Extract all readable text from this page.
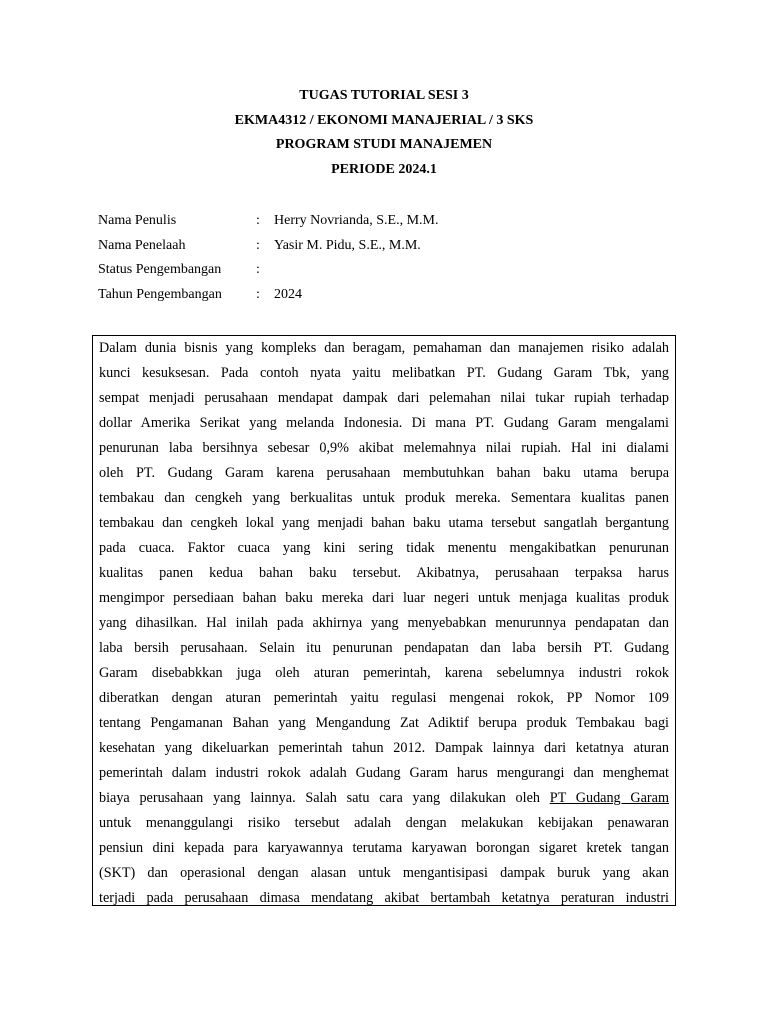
TUGAS TUTORIAL SESI 3
EKMA4312 / EKONOMI MANAJERIAL / 3 SKS
PROGRAM STUDI MANAJEMEN
PERIODE 2024.1
Nama Penulis	:	Herry Novrianda, S.E., M.M.
Nama Penelaah	:	Yasir M. Pidu, S.E., M.M.
Status Pengembangan	:
Tahun Pengembangan	:	2024
Dalam dunia bisnis yang kompleks dan beragam, pemahaman dan manajemen risiko adalah
kunci kesuksesan. Pada contoh nyata yaitu melibatkan PT. Gudang Garam Tbk, yang
sempat menjadi perusahaan mendapat dampak dari pelemahan nilai tukar rupiah terhadap
dollar Amerika Serikat yang melanda Indonesia. Di mana PT. Gudang Garam mengalami
penurunan laba bersihnya sebesar 0,9% akibat melemahnya nilai rupiah. Hal ini dialami
oleh PT. Gudang Garam karena perusahaan membutuhkan bahan baku utama berupa
tembakau dan cengkeh yang berkualitas untuk produk mereka. Sementara kualitas panen
tembakau dan cengkeh lokal yang menjadi bahan baku utama tersebut sangatlah bergantung
pada cuaca. Faktor cuaca yang kini sering tidak menentu mengakibatkan penurunan
kualitas panen kedua bahan baku tersebut. Akibatnya, perusahaan terpaksa harus
mengimpor persediaan bahan baku mereka dari luar negeri untuk menjaga kualitas produk
yang dihasilkan. Hal inilah pada akhirnya yang menyebabkan menurunnya pendapatan dan
laba bersih perusahaan. Selain itu penurunan pendapatan dan laba bersih PT. Gudang
Garam disebabkkan juga oleh aturan pemerintah, karena sebelumnya industri rokok
diberatkan dengan aturan pemerintah yaitu regulasi mengenai rokok, PP Nomor 109
tentang Pengamanan Bahan yang Mengandung Zat Adiktif berupa produk Tembakau bagi
kesehatan yang dikeluarkan pemerintah tahun 2012. Dampak lainnya dari ketatnya aturan
pemerintah dalam industri rokok adalah Gudang Garam harus mengurangi dan menghemat
biaya perusahaan yang lainnya. Salah satu cara yang dilakukan oleh PT Gudang Garam
untuk menanggulangi risiko tersebut adalah dengan melakukan kebijakan penawaran
pensiun dini kepada para karyawannya terutama karyawan borongan sigaret kretek tangan
(SKT) dan operasional dengan alasan untuk mengantisipasi dampak buruk yang akan
terjadi pada perusahaan dimasa mendatang akibat bertambah ketatnya peraturan industri
